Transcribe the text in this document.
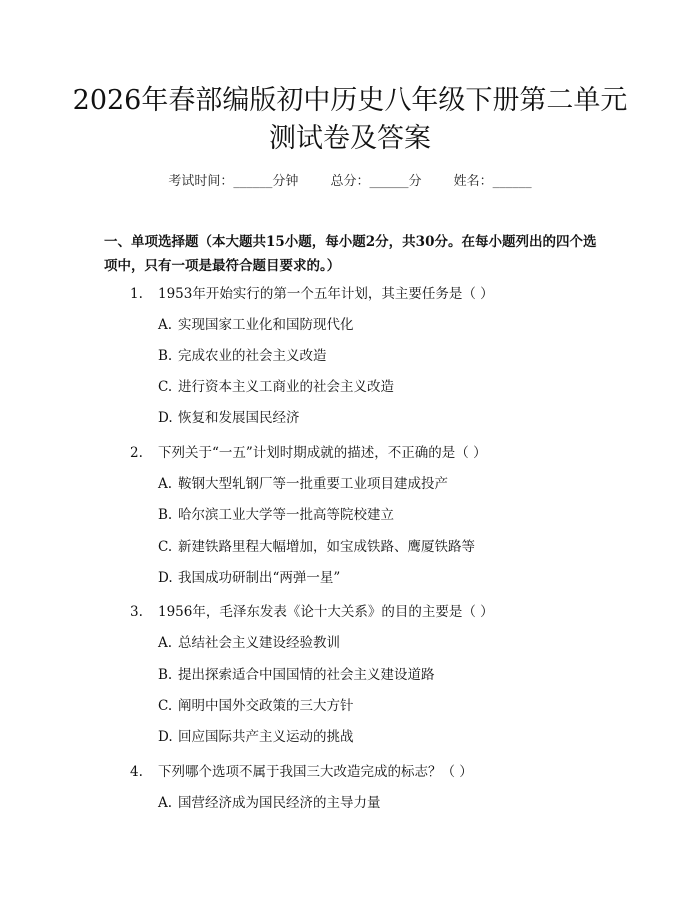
2026年春部编版初中历史八年级下册第二单元测试卷及答案
考试时间：______分钟 总分：______分 姓名：______
一、单项选择题（本大题共15小题，每小题2分，共30分。在每小题列出的四个选项中，只有一项是最符合题目要求的。）
1. 1953年开始实行的第一个五年计划，其主要任务是（ ）
A. 实现国家工业化和国防现代化
B. 完成农业的社会主义改造
C. 进行资本主义工商业的社会主义改造
D. 恢复和发展国民经济
2. 下列关于“一五”计划时期成就的描述，不正确的是（ ）
A. 鞍钢大型轧钢厂等一批重要工业项目建成投产
B. 哈尔滨工业大学等一批高等院校建立
C. 新建铁路里程大幅增加，如宝成铁路、鹰厦铁路等
D. 我国成功研制出“两弹一星”
3. 1956年，毛泽东发表《论十大关系》的目的主要是（ ）
A. 总结社会主义建设经验教训
B. 提出探索适合中国国情的社会主义建设道路
C. 阐明中国外交政策的三大方针
D. 回应国际共产主义运动的挑战
4. 下列哪个选项不属于我国三大改造完成的标志？（ ）
A. 国营经济成为国民经济的主导力量
